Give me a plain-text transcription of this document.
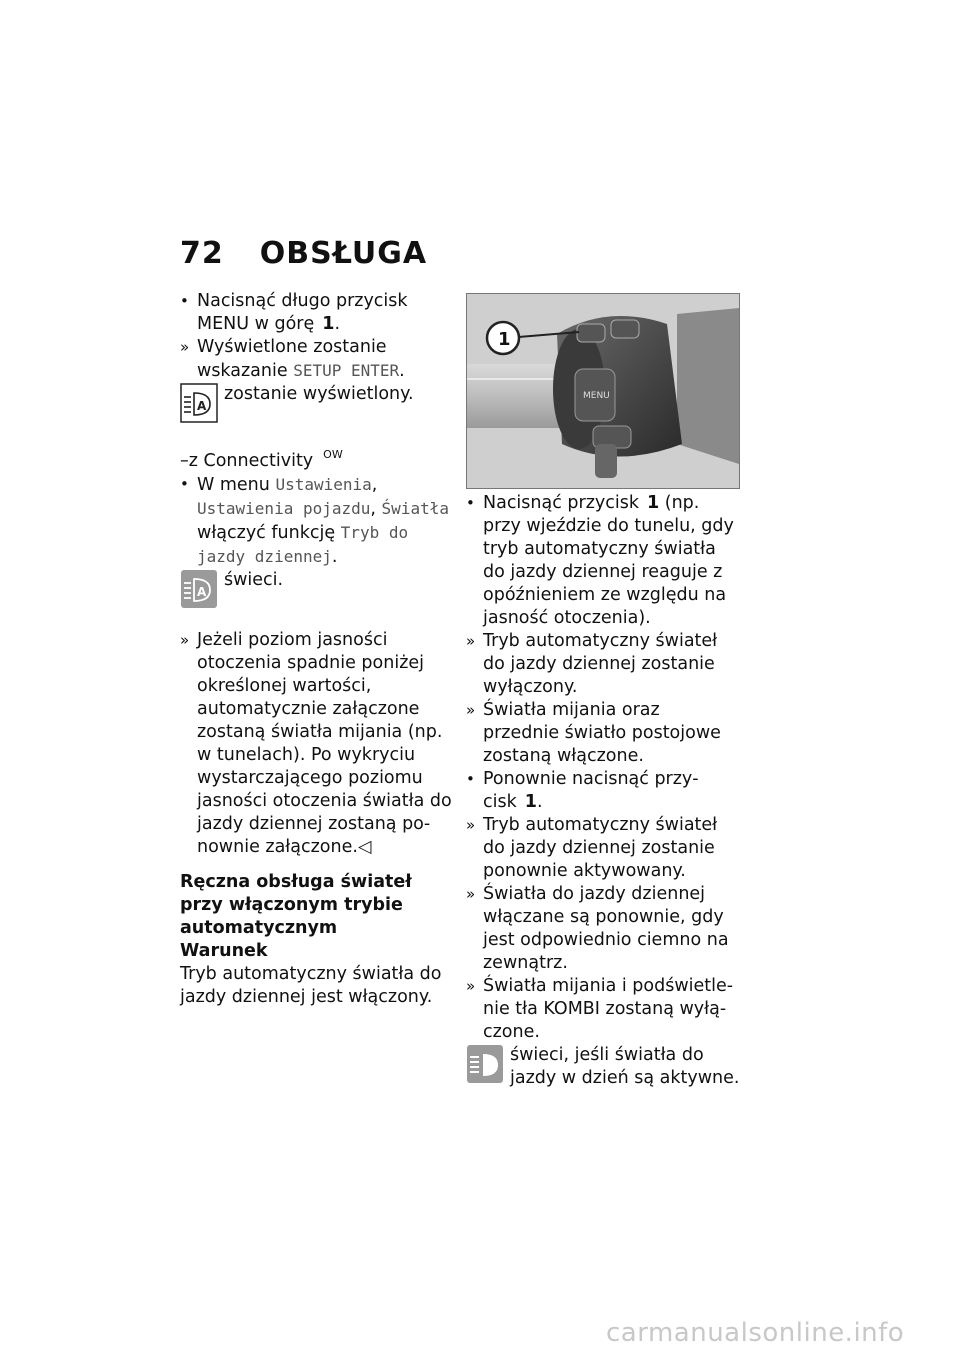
72 OBSŁUGA

• Nacisnąć długo przycisk MENU w górę 1.

» Wyświetlone zostanie wskazanie SETUP ENTER.

A
zostanie wyświetlony.

–z Connectivity $^{OW}$

• W menu Ustawienia, Ustawienia pojazdu, Światła włączyć funkcję Tryb do jazdy dziennej.

A
świeci.

» Jeżeli poziom jasności otoczenia spadnie poniżej określonej wartości, automatycznie załączone zostaną światła mijania (np. w tunelach). Po wykryciu wystarczającego poziomu jasności otoczenia światła do jazdy dziennej zostaną ponownie załączone.◁

Ręczna obsługa świateł
przy włączonym trybie
automatycznym
Warunek

Tryb automatyczny światła do jazdy dziennej jest włączony.

MENU
1

• Nacisnąć przycisk 1 (np. przy wjeździe do tunelu, gdy tryb automatyczny światła do jazdy dziennej reaguje z opóźnieniem ze względu na jasność otoczenia).

» Tryb automatyczny świateł do jazdy dziennej zostanie wyłączony.

» Światła mijania oraz przednie światło postojowe zostaną włączone.

• Ponownie nacisnąć przycisk 1.

» Tryb automatyczny świateł do jazdy dziennej zostanie ponownie aktywowany.

» Światła do jazdy dziennej włączane są ponownie, gdy jest odpowiednio ciemno na zewnątrz.

» Światła mijania i podświetlenie tła KOMBI zostaną wyłączone.

świeci, jeśli światła do jazdy w dzień są aktywne.
carmanualsonline.info
